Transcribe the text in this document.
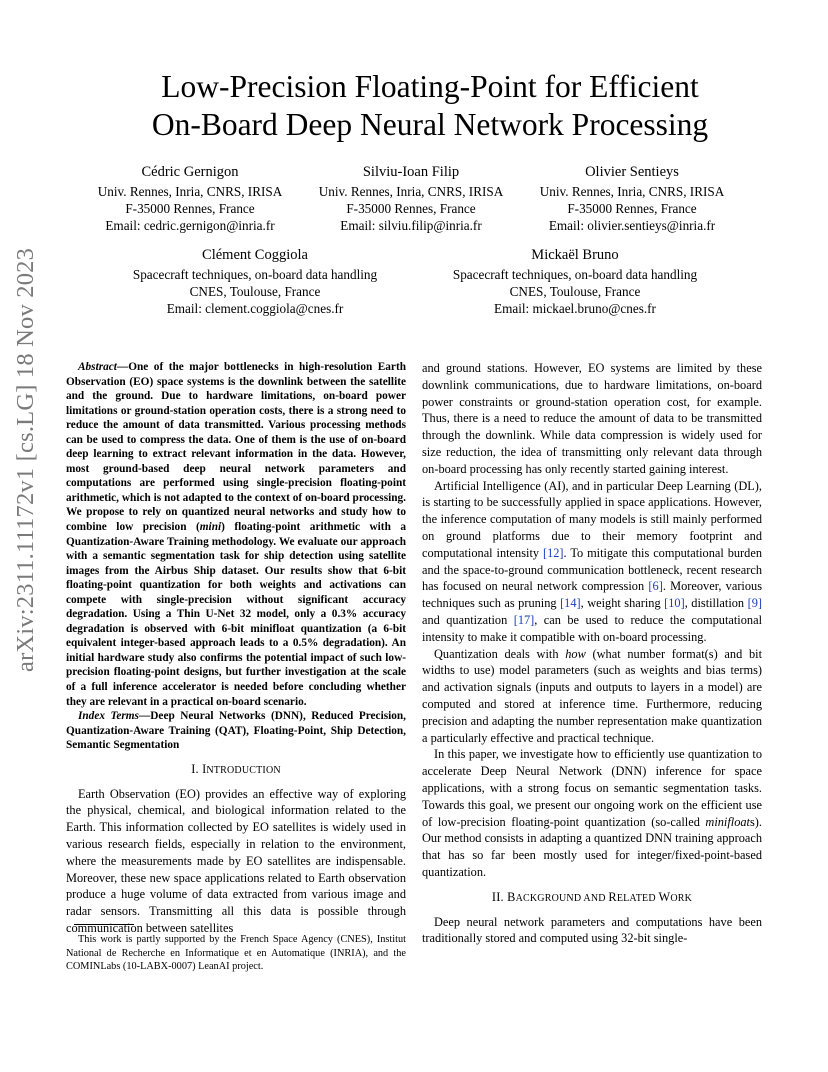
arXiv:2311.11172v1 [cs.LG] 18 Nov 2023
Low-Precision Floating-Point for Efficient
On-Board Deep Neural Network Processing
Cédric Gernigon
Univ. Rennes, Inria, CNRS, IRISA
F-35000 Rennes, France
Email: cedric.gernigon@inria.fr
Silviu-Ioan Filip
Univ. Rennes, Inria, CNRS, IRISA
F-35000 Rennes, France
Email: silviu.filip@inria.fr
Olivier Sentieys
Univ. Rennes, Inria, CNRS, IRISA
F-35000 Rennes, France
Email: olivier.sentieys@inria.fr
Clément Coggiola
Spacecraft techniques, on-board data handling
CNES, Toulouse, France
Email: clement.coggiola@cnes.fr
Mickaël Bruno
Spacecraft techniques, on-board data handling
CNES, Toulouse, France
Email: mickael.bruno@cnes.fr

Abstract—One of the major bottlenecks in high-resolution Earth Observation (EO) space systems is the downlink between the satellite and the ground. Due to hardware limitations, on-board power limitations or ground-station operation costs, there is a strong need to reduce the amount of data transmitted. Various processing methods can be used to compress the data. One of them is the use of on-board deep learning to extract relevant information in the data. However, most ground-based deep neural network parameters and computations are performed using single-precision floating-point arithmetic, which is not adapted to the context of on-board processing. We propose to rely on quantized neural networks and study how to combine low precision (mini) floating-point arithmetic with a Quantization-Aware Training methodology. We evaluate our approach with a semantic segmentation task for ship detection using satellite images from the Airbus Ship dataset. Our results show that 6-bit floating-point quantization for both weights and activations can compete with single-precision without significant accuracy degradation. Using a Thin U-Net 32 model, only a 0.3% accuracy degradation is observed with 6-bit minifloat quantization (a 6-bit equivalent integer-based approach leads to a 0.5% degradation). An initial hardware study also confirms the potential impact of such low-precision floating-point designs, but further investigation at the scale of a full inference accelerator is needed before concluding whether they are relevant in a practical on-board scenario.

Index Terms—Deep Neural Networks (DNN), Reduced Precision, Quantization-Aware Training (QAT), Floating-Point, Ship Detection, Semantic Segmentation

I. INTRODUCTION

Earth Observation (EO) provides an effective way of exploring the physical, chemical, and biological information related to the Earth. This information collected by EO satellites is widely used in various research fields, especially in relation to the environment, where the measurements made by EO satellites are indispensable. Moreover, these new space applications related to Earth observation produce a huge volume of data extracted from various image and radar sensors. Transmitting all this data is possible through communication between satellites

This work is partly supported by the French Space Agency (CNES), Institut National de Recherche en Informatique et en Automatique (INRIA), and the COMINLabs (10-LABX-0007) LeanAI project.

and ground stations. However, EO systems are limited by these downlink communications, due to hardware limitations, on-board power constraints or ground-station operation cost, for example. Thus, there is a need to reduce the amount of data to be transmitted through the downlink. While data compression is widely used for size reduction, the idea of transmitting only relevant data through on-board processing has only recently started gaining interest.

Artificial Intelligence (AI), and in particular Deep Learning (DL), is starting to be successfully applied in space applications. However, the inference computation of many models is still mainly performed on ground platforms due to their memory footprint and computational intensity [12]. To mitigate this computational burden and the space-to-ground communication bottleneck, recent research has focused on neural network compression [6]. Moreover, various techniques such as pruning [14], weight sharing [10], distillation [9] and quantization [17], can be used to reduce the computational intensity to make it compatible with on-board processing.

Quantization deals with how (what number format(s) and bit widths to use) model parameters (such as weights and bias terms) and activation signals (inputs and outputs to layers in a model) are computed and stored at inference time. Furthermore, reducing precision and adapting the number representation make quantization a particularly effective and practical technique.

In this paper, we investigate how to efficiently use quantization to accelerate Deep Neural Network (DNN) inference for space applications, with a strong focus on semantic segmentation tasks. Towards this goal, we present our ongoing work on the efficient use of low-precision floating-point quantization (so-called minifloats). Our method consists in adapting a quantized DNN training approach that has so far been mostly used for integer/fixed-point-based quantization.

II. BACKGROUND AND RELATED WORK

Deep neural network parameters and computations have been traditionally stored and computed using 32-bit single-
